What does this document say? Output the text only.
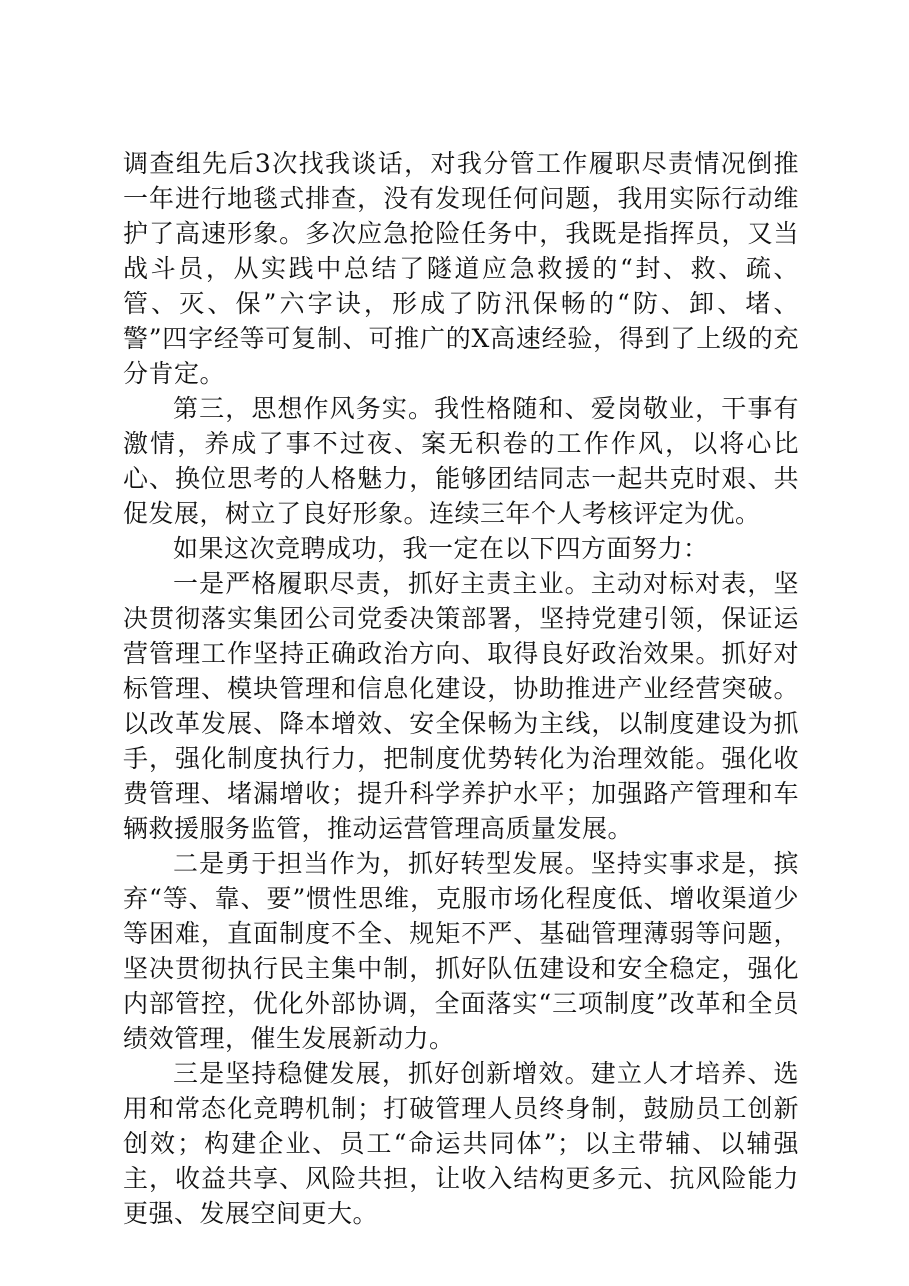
调查组先后3次找我谈话，对我分管工作履职尽责情况倒推一年进行地毯式排查，没有发现任何问题，我用实际行动维护了高速形象。多次应急抢险任务中，我既是指挥员，又当战斗员，从实践中总结了隧道应急救援的“封、救、疏、管、灭、保”六字诀，形成了防汛保畅的“防、卸、堵、警”四字经等可复制、可推广的X高速经验，得到了上级的充分肯定。

第三，思想作风务实。我性格随和、爱岗敬业，干事有激情，养成了事不过夜、案无积卷的工作作风，以将心比心、换位思考的人格魅力，能够团结同志一起共克时艰、共促发展，树立了良好形象。连续三年个人考核评定为优。

如果这次竞聘成功，我一定在以下四方面努力：

一是严格履职尽责，抓好主责主业。主动对标对表，坚决贯彻落实集团公司党委决策部署，坚持党建引领，保证运营管理工作坚持正确政治方向、取得良好政治效果。抓好对标管理、模块管理和信息化建设，协助推进产业经营突破。以改革发展、降本增效、安全保畅为主线，以制度建设为抓手，强化制度执行力，把制度优势转化为治理效能。强化收费管理、堵漏增收；提升科学养护水平；加强路产管理和车辆救援服务监管，推动运营管理高质量发展。

二是勇于担当作为，抓好转型发展。坚持实事求是，摈弃“等、靠、要”惯性思维，克服市场化程度低、增收渠道少等困难，直面制度不全、规矩不严、基础管理薄弱等问题，坚决贯彻执行民主集中制，抓好队伍建设和安全稳定，强化内部管控，优化外部协调，全面落实“三项制度”改革和全员绩效管理，催生发展新动力。

三是坚持稳健发展，抓好创新增效。建立人才培养、选用和常态化竞聘机制；打破管理人员终身制，鼓励员工创新创效；构建企业、员工“命运共同体”；以主带辅、以辅强主，收益共享、风险共担，让收入结构更多元、抗风险能力更强、发展空间更大。
